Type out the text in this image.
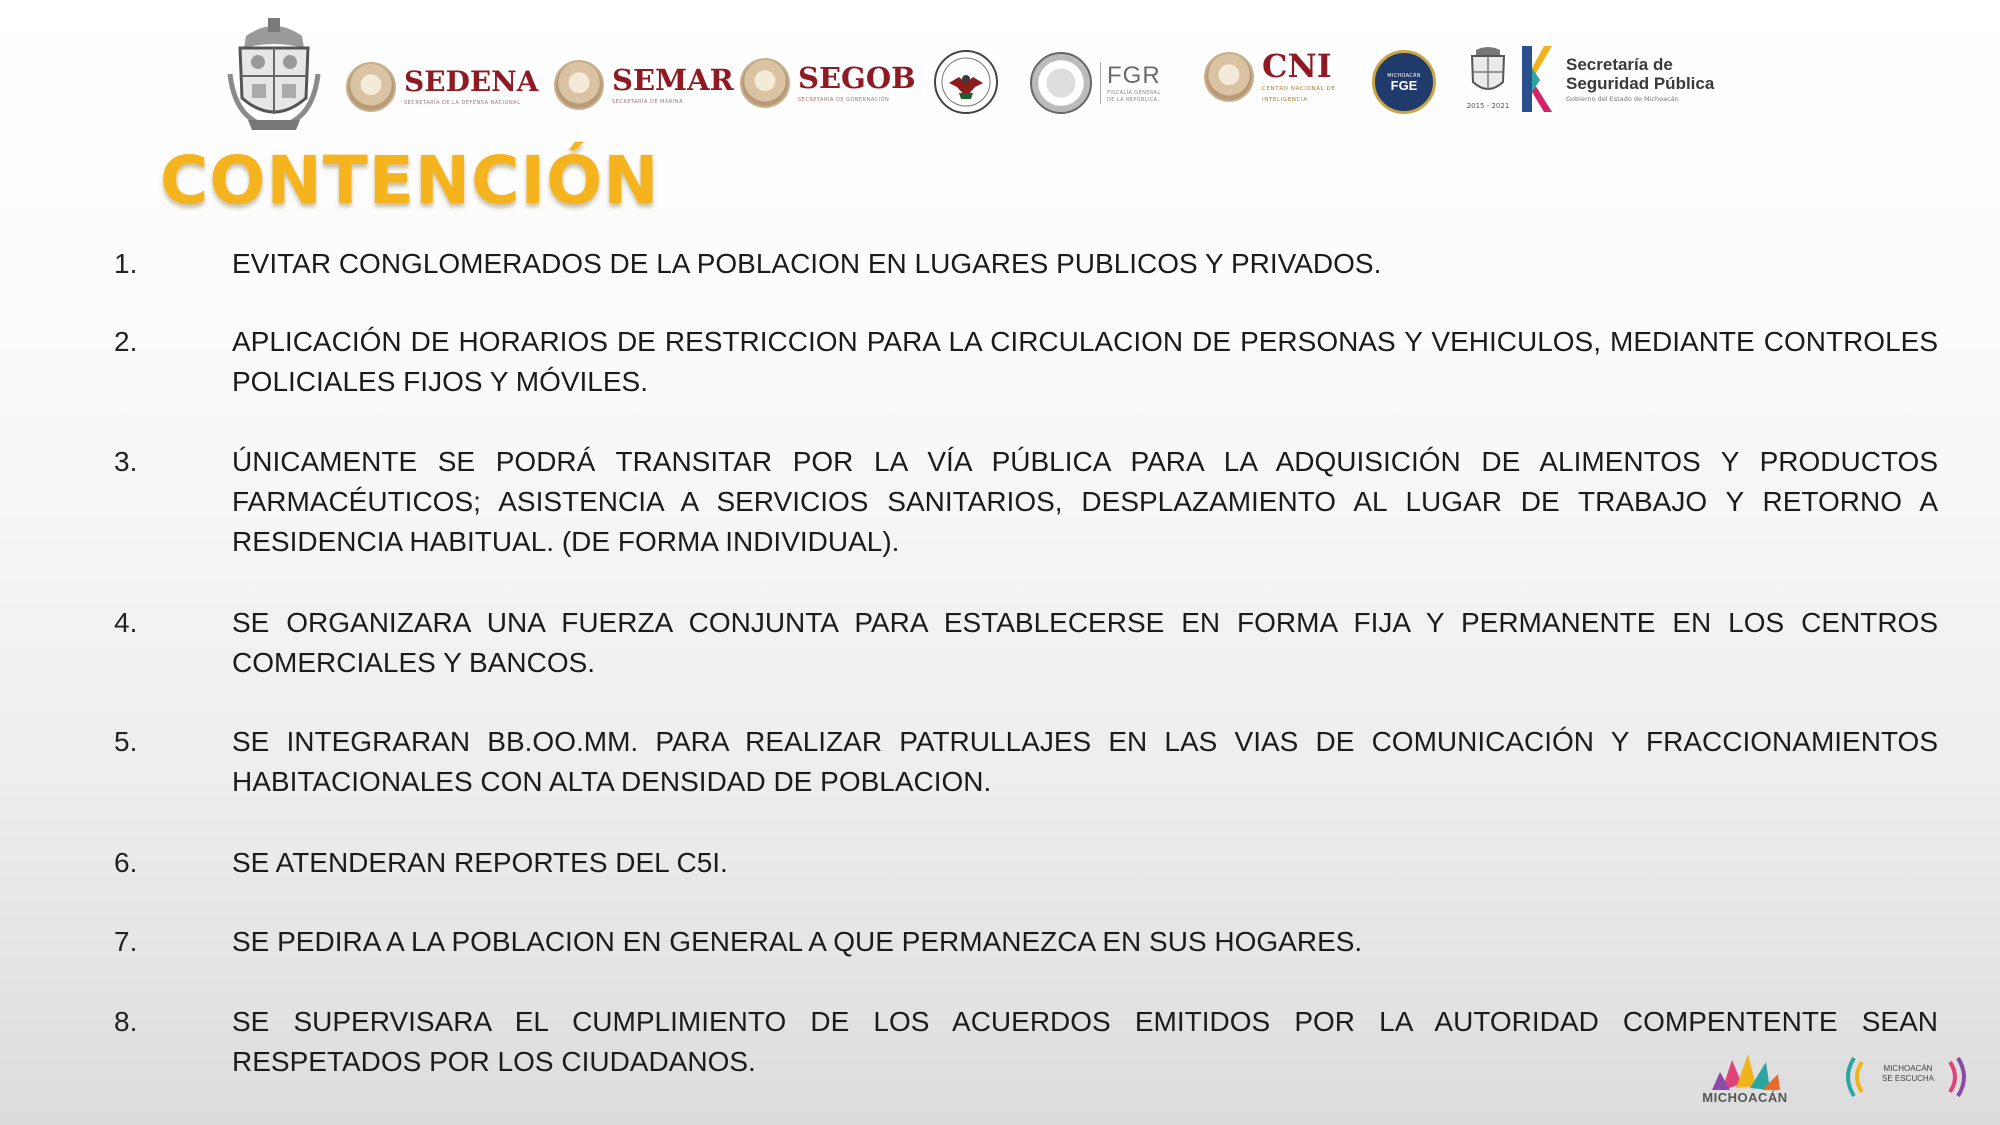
SEDENA
SECRETARÍA DE LA DEFENSA NACIONAL
SEMAR
SECRETARÍA DE MARINA
SEGOB
SECRETARÍA DE GOBERNACIÓN
FGR
FISCALÍA GENERAL
DE LA REPÚBLICA
CNI
CENTRO NACIONAL DE
INTELIGENCIA
MICHOACÁN
FGE
2015 - 2021
Secretaría de
Seguridad Pública
Gobierno del Estado de Michoacán
CONTENCIÓN
1.	EVITAR CONGLOMERADOS DE LA POBLACION EN LUGARES PUBLICOS Y PRIVADOS.

2.	APLICACIÓN DE HORARIOS DE RESTRICCION PARA LA CIRCULACION DE PERSONAS Y VEHICULOS, MEDIANTE CONTROLES POLICIALES FIJOS Y MÓVILES.

3.	ÚNICAMENTE SE PODRÁ TRANSITAR POR LA VÍA PÚBLICA PARA LA ADQUISICIÓN DE ALIMENTOS Y PRODUCTOS FARMACÉUTICOS; ASISTENCIA A SERVICIOS SANITARIOS, DESPLAZAMIENTO AL LUGAR DE TRABAJO Y RETORNO A RESIDENCIA HABITUAL. (DE FORMA INDIVIDUAL).

4.	SE ORGANIZARA UNA FUERZA CONJUNTA PARA ESTABLECERSE EN FORMA FIJA Y PERMANENTE EN LOS CENTROS COMERCIALES Y BANCOS.

5.	SE INTEGRARAN BB.OO.MM. PARA REALIZAR PATRULLAJES EN LAS VIAS DE COMUNICACIÓN Y FRACCIONAMIENTOS HABITACIONALES CON ALTA DENSIDAD DE POBLACION.

6.	SE ATENDERAN REPORTES DEL C5I.

7.	SE PEDIRA A LA POBLACION EN GENERAL A QUE PERMANEZCA EN SUS HOGARES.

8.	SE SUPERVISARA EL CUMPLIMIENTO DE LOS ACUERDOS EMITIDOS POR LA AUTORIDAD COMPENTENTE SEAN RESPETADOS POR LOS CIUDADANOS.

MICHOACÁN
MICHOACÁN
SE ESCUCHA
